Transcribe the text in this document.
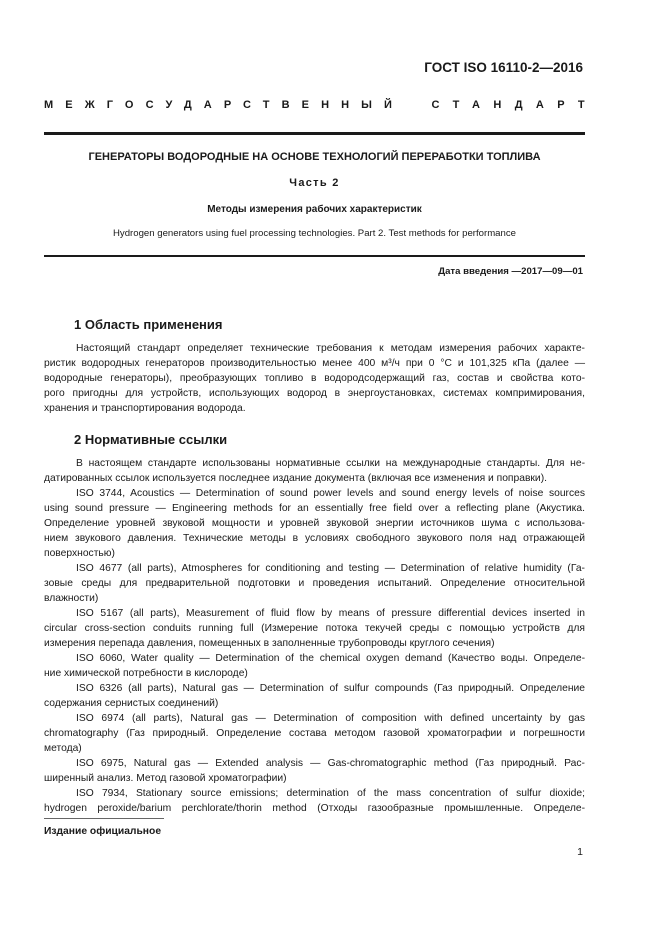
ГОСТ ISO 16110-2—2016
МЕЖГОСУДАРСТВЕННЫЙ СТАНДАРТ
ГЕНЕРАТОРЫ ВОДОРОДНЫЕ НА ОСНОВЕ ТЕХНОЛОГИЙ ПЕРЕРАБОТКИ ТОПЛИВА
Часть 2
Методы измерения рабочих характеристик
Hydrogen generators using fuel processing technologies. Part 2. Test methods for performance
Дата введения —2017—09—01
1 Область применения
Настоящий стандарт определяет технические требования к методам измерения рабочих характе-
ристик водородных генераторов производительностью менее 400 м³/ч при 0 °С и 101,325 кПа (далее —
водородные генераторы), преобразующих топливо в водородсодержащий газ, состав и свойства кото-
рого пригодны для устройств, использующих водород в энергоустановках, системах компримирования,
хранения и транспортирования водорода.
2 Нормативные ссылки
В настоящем стандарте использованы нормативные ссылки на международные стандарты. Для не-
датированных ссылок используется последнее издание документа (включая все изменения и поправки).
ISO 3744, Acoustics — Determination of sound power levels and sound energy levels of noise sources
using sound pressure — Engineering methods for an essentially free field over a reflecting plane (Акустика.
Определение уровней звуковой мощности и уровней звуковой энергии источников шума с использова-
нием звукового давления. Технические методы в условиях свободного звукового поля над отражающей
поверхностью)
ISO 4677 (all parts), Atmospheres for conditioning and testing — Determination of relative humidity (Га-
зовые среды для предварительной подготовки и проведения испытаний. Определение относительной
влажности)
ISO 5167 (all parts), Measurement of fluid flow by means of pressure differential devices inserted in
circular cross-section conduits running full (Измерение потока текучей среды с помощью устройств для
измерения перепада давления, помещенных в заполненные трубопроводы круглого сечения)
ISO 6060, Water quality — Determination of the chemical oxygen demand (Качество воды. Определе-
ние химической потребности в кислороде)
ISO 6326 (all parts), Natural gas — Determination of sulfur compounds (Газ природный. Определение
содержания сернистых соединений)
ISO 6974 (all parts), Natural gas — Determination of composition with defined uncertainty by gas
chromatography (Газ природный. Определение состава методом газовой хроматографии и погрешности
метода)
ISO 6975, Natural gas — Extended analysis — Gas-chromatographic method (Газ природный. Рас-
ширенный анализ. Метод газовой хроматографии)
ISO 7934, Stationary source emissions; determination of the mass concentration of sulfur dioxide;
hydrogen peroxide/barium perchlorate/thorin method (Отходы газообразные промышленные. Определе-
Издание официальное
1
